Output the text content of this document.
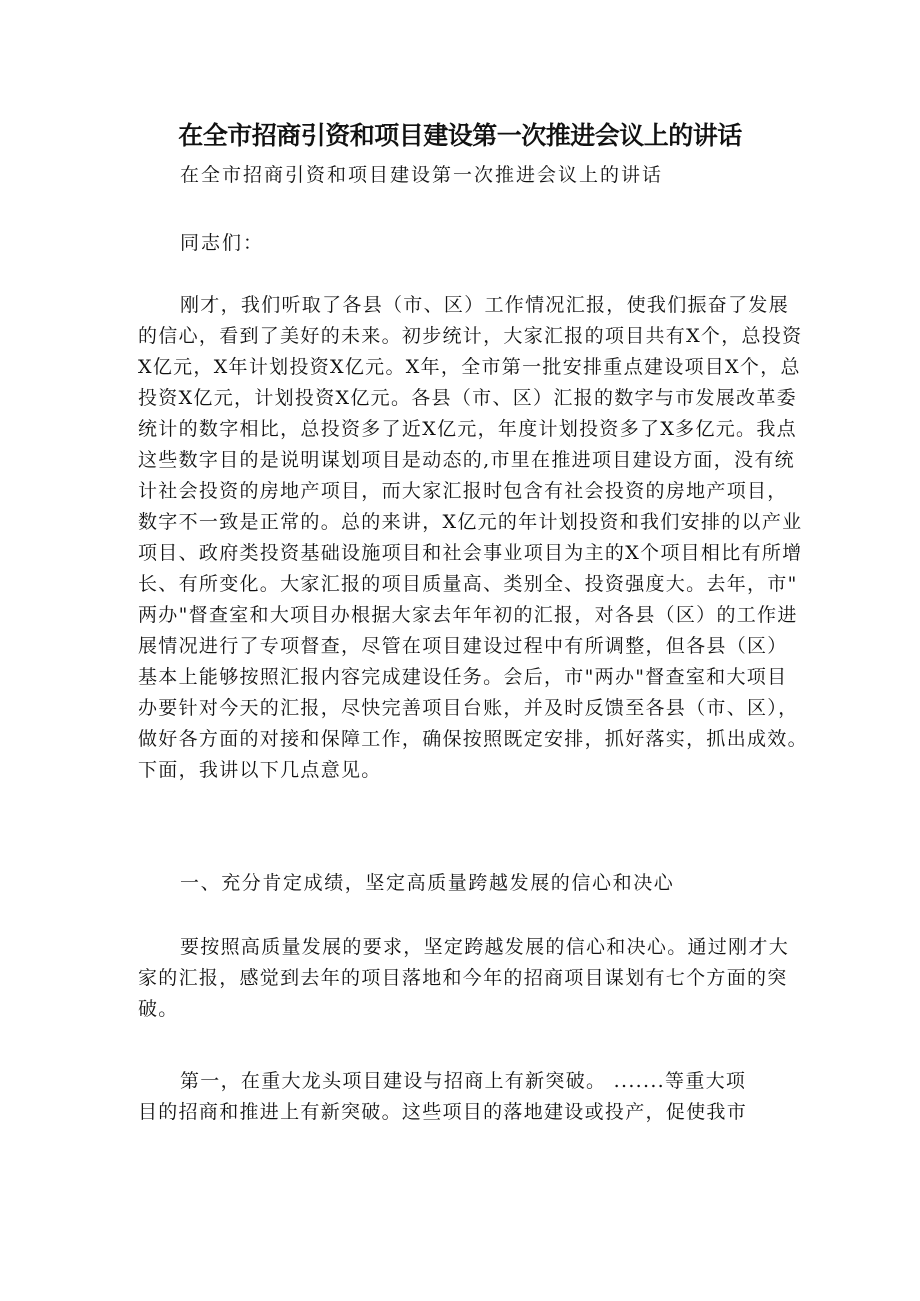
在全市招商引资和项目建设第一次推进会议上的讲话
在全市招商引资和项目建设第一次推进会议上的讲话
同志们：
刚才，我们听取了各县（市、区）工作情况汇报，使我们振奋了发展
的信心，看到了美好的未来。初步统计，大家汇报的项目共有X个，总投资
X亿元，X年计划投资X亿元。X年，全市第一批安排重点建设项目X个，总
投资X亿元，计划投资X亿元。各县（市、区）汇报的数字与市发展改革委
统计的数字相比，总投资多了近X亿元，年度计划投资多了X多亿元。我点
这些数字目的是说明谋划项目是动态的,市里在推进项目建设方面，没有统
计社会投资的房地产项目，而大家汇报时包含有社会投资的房地产项目，
数字不一致是正常的。总的来讲，X亿元的年计划投资和我们安排的以产业
项目、政府类投资基础设施项目和社会事业项目为主的X个项目相比有所增
长、有所变化。大家汇报的项目质量高、类别全、投资强度大。去年，市"
两办"督查室和大项目办根据大家去年年初的汇报，对各县（区）的工作进
展情况进行了专项督查，尽管在项目建设过程中有所调整，但各县（区）
基本上能够按照汇报内容完成建设任务。会后，市"两办"督查室和大项目
办要针对今天的汇报，尽快完善项目台账，并及时反馈至各县（市、区），
做好各方面的对接和保障工作，确保按照既定安排，抓好落实，抓出成效。
下面，我讲以下几点意见。
一、充分肯定成绩，坚定高质量跨越发展的信心和决心
要按照高质量发展的要求，坚定跨越发展的信心和决心。通过刚才大
家的汇报，感觉到去年的项目落地和今年的招商项目谋划有七个方面的突
破。
第一，在重大龙头项目建设与招商上有新突破。 .......等重大项
目的招商和推进上有新突破。这些项目的落地建设或投产，促使我市
